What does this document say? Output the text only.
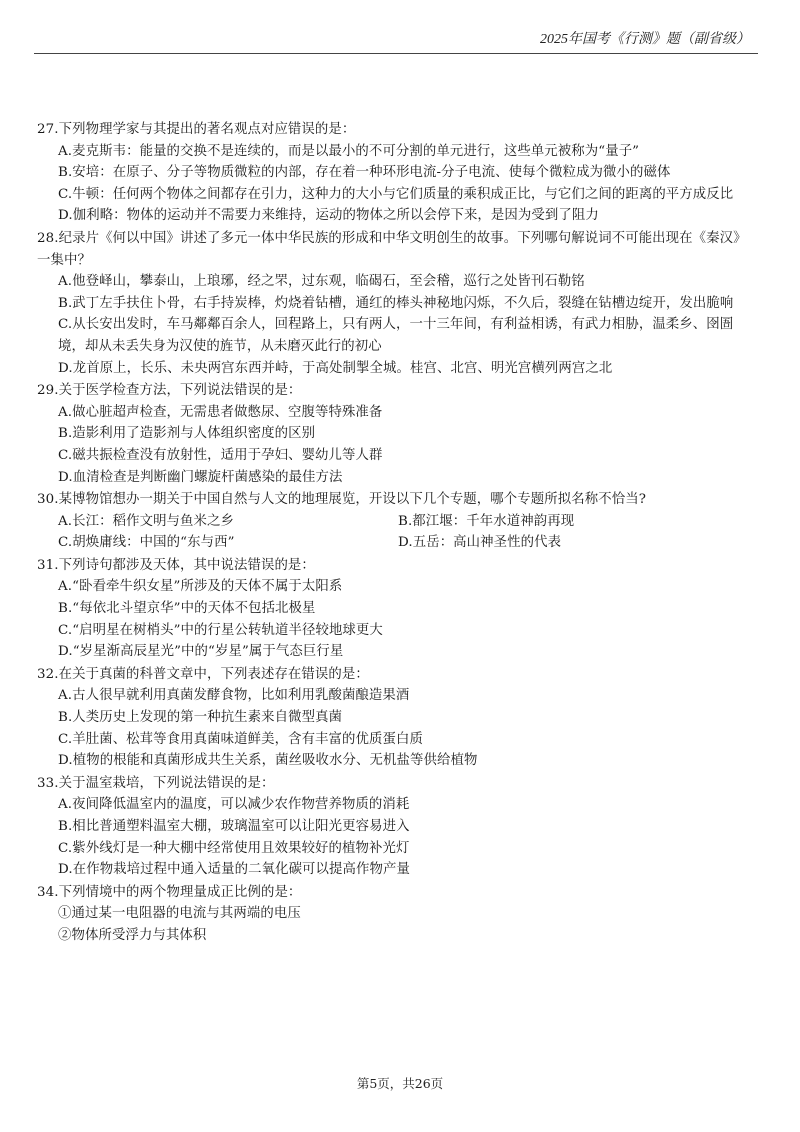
2025年国考《行测》题（副省级）
27.下列物理学家与其提出的著名观点对应错误的是：
A.麦克斯韦：能量的交换不是连续的，而是以最小的不可分割的单元进行，这些单元被称为“量子”
B.安培：在原子、分子等物质微粒的内部，存在着一种环形电流-分子电流、使每个微粒成为微小的磁体
C.牛顿：任何两个物体之间都存在引力，这种力的大小与它们质量的乘积成正比，与它们之间的距离的平方成反比
D.伽利略：物体的运动并不需要力来维持，运动的物体之所以会停下来，是因为受到了阻力
28.纪录片《何以中国》讲述了多元一体中华民族的形成和中华文明创生的故事。下列哪句解说词不可能出现在《秦汉》一集中？
A.他登峄山，攀泰山，上琅琊，经之罘，过东观，临碣石，至会稽，巡行之处皆刊石勒铭
B.武丁左手扶住卜骨，右手持炭棒，灼烧着钻槽，通红的棒头神秘地闪烁，不久后，裂缝在钻槽边绽开，发出脆响
C.从长安出发时，车马鄰鄰百余人，回程路上，只有两人，一十三年间，有利益相诱，有武力相胁，温柔乡、囹圄境，却从未丢失身为汉使的旌节，从未磨灭此行的初心
D.龙首原上，长乐、未央两宫东西并峙，于高处制掣全城。桂宫、北宫、明光宫横列两宫之北
29.关于医学检查方法，下列说法错误的是：
A.做心脏超声检查，无需患者做憋尿、空腹等特殊准备
B.造影利用了造影剂与人体组织密度的区别
C.磁共振检查没有放射性，适用于孕妇、婴幼儿等人群
D.血清检查是判断幽门螺旋杆菌感染的最佳方法
30.某博物馆想办一期关于中国自然与人文的地理展览，开设以下几个专题，哪个专题所拟名称不恰当?
A.长江：稻作文明与鱼米之乡	B.都江堰：千年水道神韵再现
C.胡焕庸线：中国的“东与西”	D.五岳：高山神圣性的代表
31.下列诗句都涉及天体，其中说法错误的是：
A.“卧看牵牛织女星”所涉及的天体不属于太阳系
B.“每依北斗望京华”中的天体不包括北极星
C.“启明星在树梢头”中的行星公转轨道半径较地球更大
D.“岁星渐高辰星光”中的“岁星”属于气态巨行星
32.在关于真菌的科普文章中，下列表述存在错误的是：
A.古人很早就利用真菌发酵食物，比如利用乳酸菌酿造果酒
B.人类历史上发现的第一种抗生素来自微型真菌
C.羊肚菌、松茸等食用真菌味道鲜美，含有丰富的优质蛋白质
D.植物的根能和真菌形成共生关系，菌丝吸收水分、无机盐等供给植物
33.关于温室栽培，下列说法错误的是：
A.夜间降低温室内的温度，可以减少农作物营养物质的消耗
B.相比普通塑料温室大棚，玻璃温室可以让阳光更容易进入
C.紫外线灯是一种大棚中经常使用且效果较好的植物补光灯
D.在作物栽培过程中通入适量的二氧化碳可以提高作物产量
34.下列情境中的两个物理量成正比例的是：
①通过某一电阻器的电流与其两端的电压
②物体所受浮力与其体积
第5页，共26页
